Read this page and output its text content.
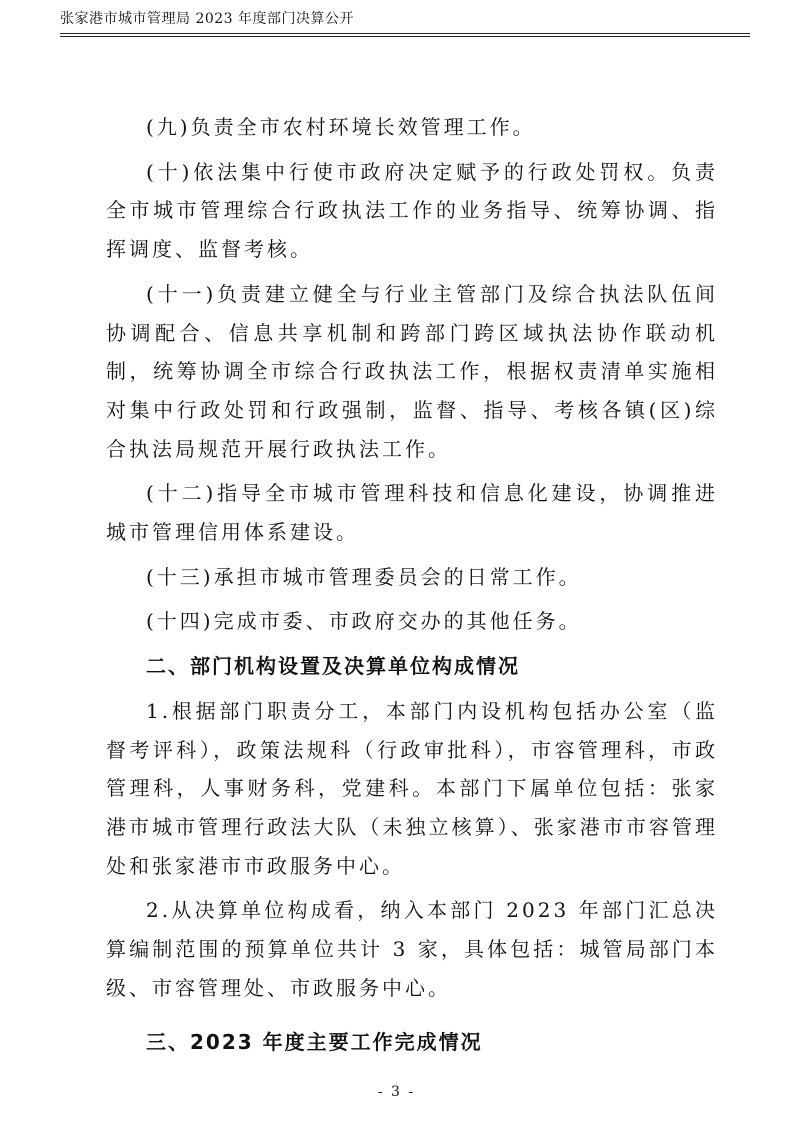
张家港市城市管理局 2023 年度部门决算公开

(九)负责全市农村环境长效管理工作。

(十)依法集中行使市政府决定赋予的行政处罚权。负责全市城市管理综合行政执法工作的业务指导、统筹协调、指挥调度、监督考核。

(十一)负责建立健全与行业主管部门及综合执法队伍间协调配合、信息共享机制和跨部门跨区域执法协作联动机制，统筹协调全市综合行政执法工作，根据权责清单实施相对集中行政处罚和行政强制，监督、指导、考核各镇(区)综合执法局规范开展行政执法工作。

(十二)指导全市城市管理科技和信息化建设，协调推进城市管理信用体系建设。

(十三)承担市城市管理委员会的日常工作。

(十四)完成市委、市政府交办的其他任务。

二、部门机构设置及决算单位构成情况

1.根据部门职责分工，本部门内设机构包括办公室（监督考评科），政策法规科（行政审批科），市容管理科，市政管理科，人事财务科，党建科。本部门下属单位包括：张家港市城市管理行政法大队（未独立核算）、张家港市市容管理处和张家港市市政服务中心。

2.从决算单位构成看，纳入本部门 2023 年部门汇总决算编制范围的预算单位共计 3 家，具体包括：城管局部门本级、市容管理处、市政服务中心。

三、2023 年度主要工作完成情况

- 3 -
